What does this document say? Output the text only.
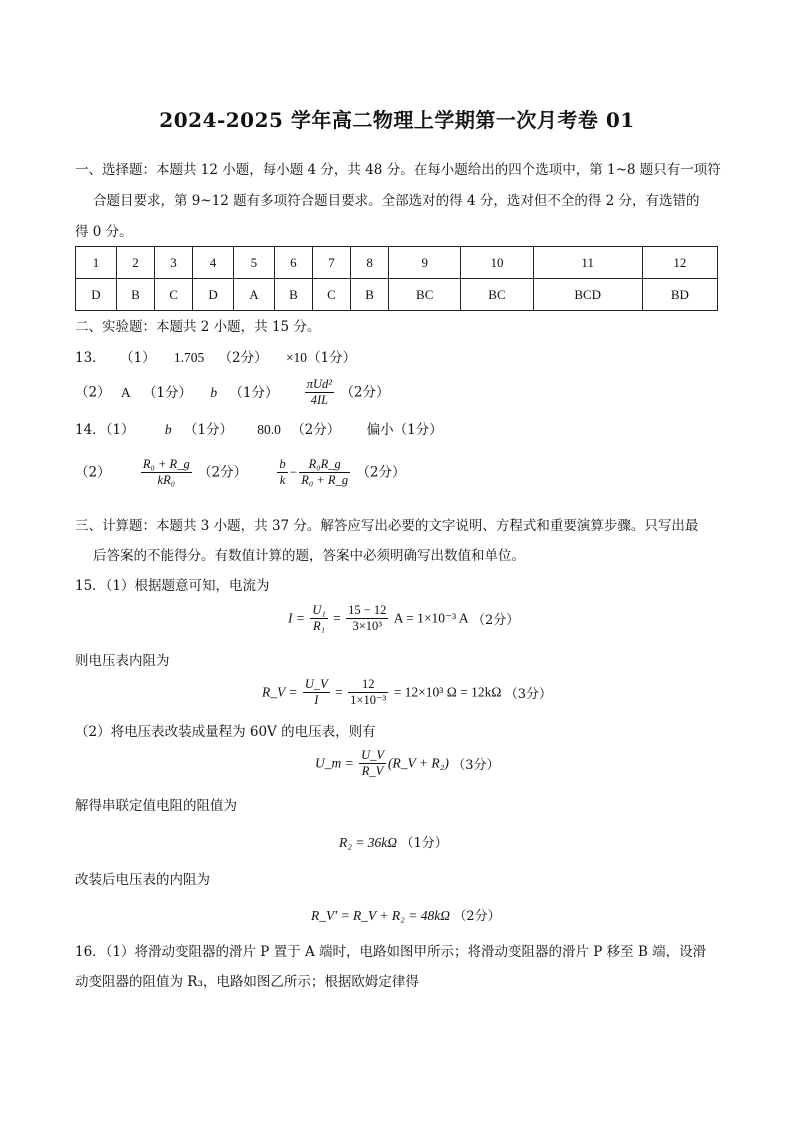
2024-2025 学年高二物理上学期第一次月考卷 01
一、选择题：本题共 12 小题，每小题 4 分，共 48 分。在每小题给出的四个选项中，第 1~8 题只有一项符
合题目要求，第 9~12 题有多项符合题目要求。全部选对的得 4 分，选对但不全的得 2 分，有选错的
得 0 分。
1	2	3	4	5	6	7	8	9	10	11	12
D	B	C	D	A	B	C	B	BC	BC	BCD	BD
二、实验题：本题共 2 小题，共 15 分。
13． （1） 1.705 （2分） ×10（1分）
（2） A （1分） b （1分） $\frac{\text{πUd²}}{4IL} (2$分）
14．（1） b （1分） 80.0 （2分） 偏小（1分）
$(2) \frac{\text{R₀ + R\_g}}{\text{kR₀}} (2$分） $\frac{b}{k} - \frac{\text{R₀R\_g}}{\text{R₀ + R\_g}} (2$分）
三、计算题：本题共 3 小题，共 37 分。解答应写出必要的文字说明、方程式和重要演算步骤。只写出最
后答案的不能得分。有数值计算的题，答案中必须明确写出数值和单位。
15．（1）根据题意可知，电流为
$I = \frac{\text{U₁}}{\text{R₁}} = \frac{15 - 12}{\text{3×10³}}$ A = 1×10⁻³ A （2分）
则电压表内阻为
R_V = $\frac{U\_V}{I} = \frac{12}{\text{1×10⁻³}} = 12\times 10^3$ Ω = 12kΩ （3分）
（2）将电压表改装成量程为 60V 的电压表，则有
U_m = $\frac{U\_V}{R\_V}$ (R_V + R₂) （3分）
解得串联定值电阻的阻值为
R₂ = 36kΩ （1分）
改装后电压表的内阻为
R_V′ = R_V + R₂ = 48kΩ （2分）
16．（1）将滑动变阻器的滑片 P 置于 A 端时，电路如图甲所示；将滑动变阻器的滑片 P 移至 B 端，设滑
动变阻器的阻值为 R₃，电路如图乙所示；根据欧姆定律得
